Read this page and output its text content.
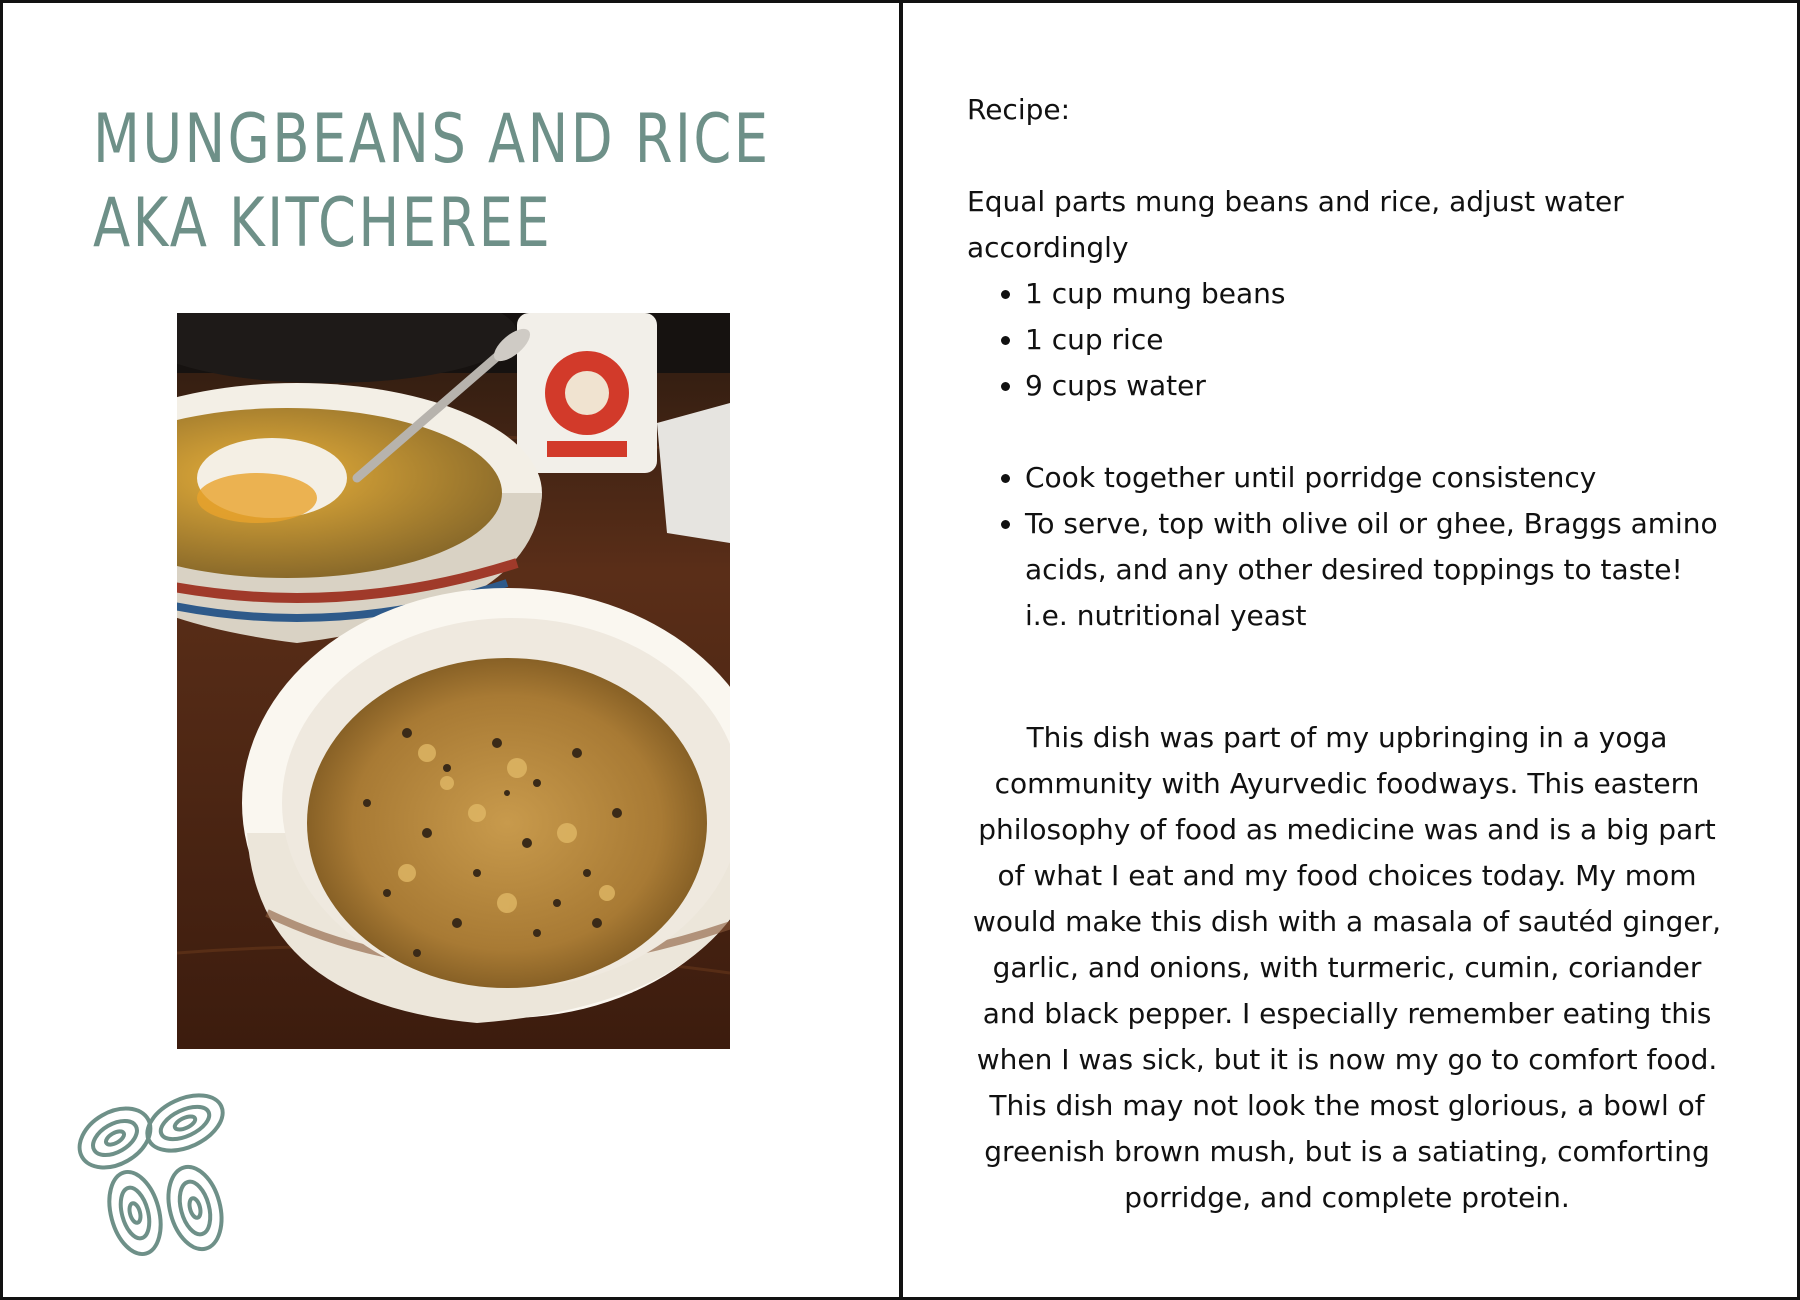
MUNGBEANS AND RICE
AKA KITCHEREE

Recipe:

Equal parts mung beans and rice, adjust water accordingly

• 1 cup mung beans
• 1 cup rice
• 9 cups water
• Cook together until porridge consistency
• To serve, top with olive oil or ghee, Braggs amino acids, and any other desired toppings to taste! i.e. nutritional yeast

This dish was part of my upbringing in a yoga community with Ayurvedic foodways. This eastern philosophy of food as medicine was and is a big part of what I eat and my food choices today. My mom would make this dish with a masala of sautéd ginger, garlic, and onions, with turmeric, cumin, coriander and black pepper. I especially remember eating this when I was sick, but it is now my go to comfort food. This dish may not look the most glorious, a bowl of greenish brown mush, but is a satiating, comforting porridge, and complete protein.
